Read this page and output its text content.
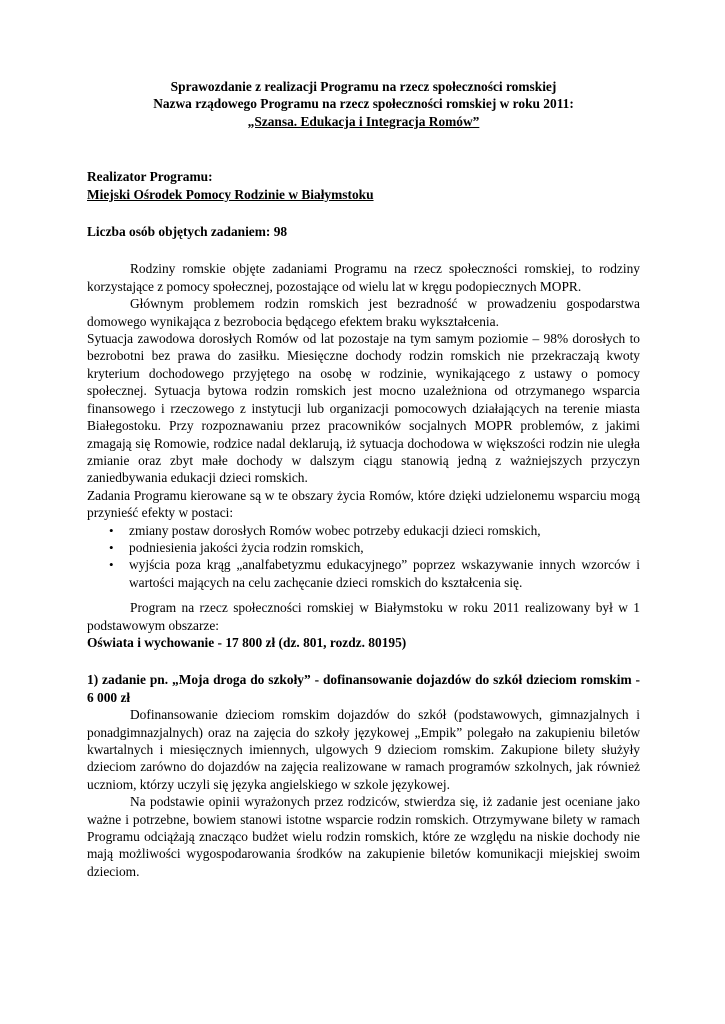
Sprawozdanie z realizacji Programu na rzecz społeczności romskiej
Nazwa rządowego Programu na rzecz społeczności romskiej w roku 2011:
„Szansa. Edukacja i Integracja Romów”
Realizator Programu:
Miejski Ośrodek Pomocy Rodzinie w Białymstoku
Liczba osób objętych zadaniem: 98

Rodziny romskie objęte zadaniami Programu na rzecz społeczności romskiej, to rodziny korzystające z pomocy społecznej, pozostające od wielu lat w kręgu podopiecznych MOPR.

Głównym problemem rodzin romskich jest bezradność w prowadzeniu gospodarstwa domowego wynikająca z bezrobocia będącego efektem braku wykształcenia.

Sytuacja zawodowa dorosłych Romów od lat pozostaje na tym samym poziomie – 98% dorosłych to bezrobotni bez prawa do zasiłku. Miesięczne dochody rodzin romskich nie przekraczają kwoty kryterium dochodowego przyjętego na osobę w rodzinie, wynikającego z ustawy o pomocy społecznej. Sytuacja bytowa rodzin romskich jest mocno uzależniona od otrzymanego wsparcia finansowego i rzeczowego z instytucji lub organizacji pomocowych działających na terenie miasta Białegostoku. Przy rozpoznawaniu przez pracowników socjalnych MOPR problemów, z jakimi zmagają się Romowie, rodzice nadal deklarują, iż sytuacja dochodowa w większości rodzin nie uległa zmianie oraz zbyt małe dochody w dalszym ciągu stanowią jedną z ważniejszych przyczyn zaniedbywania edukacji dzieci romskich.

Zadania Programu kierowane są w te obszary życia Romów, które dzięki udzielonemu wsparciu mogą przynieść efekty w postaci:

• zmiany postaw dorosłych Romów wobec potrzeby edukacji dzieci romskich,
• podniesienia jakości życia rodzin romskich,
• wyjścia poza krąg „analfabetyzmu edukacyjnego” poprzez wskazywanie innych wzorców i wartości mających na celu zachęcanie dzieci romskich do kształcenia się.

Program na rzecz społeczności romskiej w Białymstoku w roku 2011 realizowany był w 1 podstawowym obszarze:

Oświata i wychowanie - 17 800 zł (dz. 801, rozdz. 80195)
1) zadanie pn. „Moja droga do szkoły” - dofinansowanie dojazdów do szkół dzieciom romskim - 6 000 zł

Dofinansowanie dzieciom romskim dojazdów do szkół (podstawowych, gimnazjalnych i ponadgimnazjalnych) oraz na zajęcia do szkoły językowej „Empik” polegało na zakupieniu biletów kwartalnych i miesięcznych imiennych, ulgowych 9 dzieciom romskim. Zakupione bilety służyły dzieciom zarówno do dojazdów na zajęcia realizowane w ramach programów szkolnych, jak również uczniom, którzy uczyli się języka angielskiego w szkole językowej.

Na podstawie opinii wyrażonych przez rodziców, stwierdza się, iż zadanie jest oceniane jako ważne i potrzebne, bowiem stanowi istotne wsparcie rodzin romskich. Otrzymywane bilety w ramach Programu odciążają znacząco budżet wielu rodzin romskich, które ze względu na niskie dochody nie mają możliwości wygospodarowania środków na zakupienie biletów komunikacji miejskiej swoim dzieciom.
